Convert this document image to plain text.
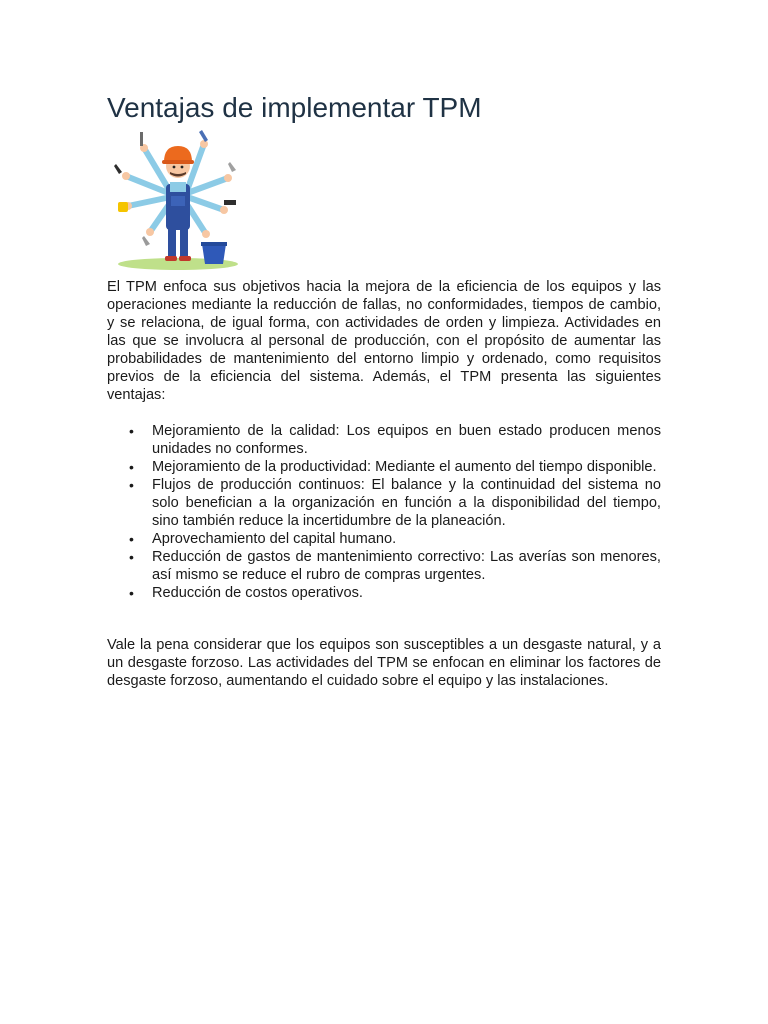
Ventajas de implementar TPM

El TPM enfoca sus objetivos hacia la mejora de la eficiencia de los equipos y las operaciones mediante la reducción de fallas, no conformidades, tiempos de cambio, y se relaciona, de igual forma, con actividades de orden y limpieza. Actividades en las que se involucra al personal de producción, con el propósito de aumentar las probabilidades de mantenimiento del entorno limpio y ordenado, como requisitos previos de la eficiencia del sistema. Además, el TPM presenta las siguientes ventajas:

• Mejoramiento de la calidad: Los equipos en buen estado producen menos unidades no conformes.
• Mejoramiento de la productividad: Mediante el aumento del tiempo disponible.
• Flujos de producción continuos: El balance y la continuidad del sistema no solo benefician a la organización en función a la disponibilidad del tiempo, sino también reduce la incertidumbre de la planeación.
• Aprovechamiento del capital humano.
• Reducción de gastos de mantenimiento correctivo: Las averías son menores, así mismo se reduce el rubro de compras urgentes.
• Reducción de costos operativos.

Vale la pena considerar que los equipos son susceptibles a un desgaste natural, y a un desgaste forzoso. Las actividades del TPM se enfocan en eliminar los factores de desgaste forzoso, aumentando el cuidado sobre el equipo y las instalaciones.
